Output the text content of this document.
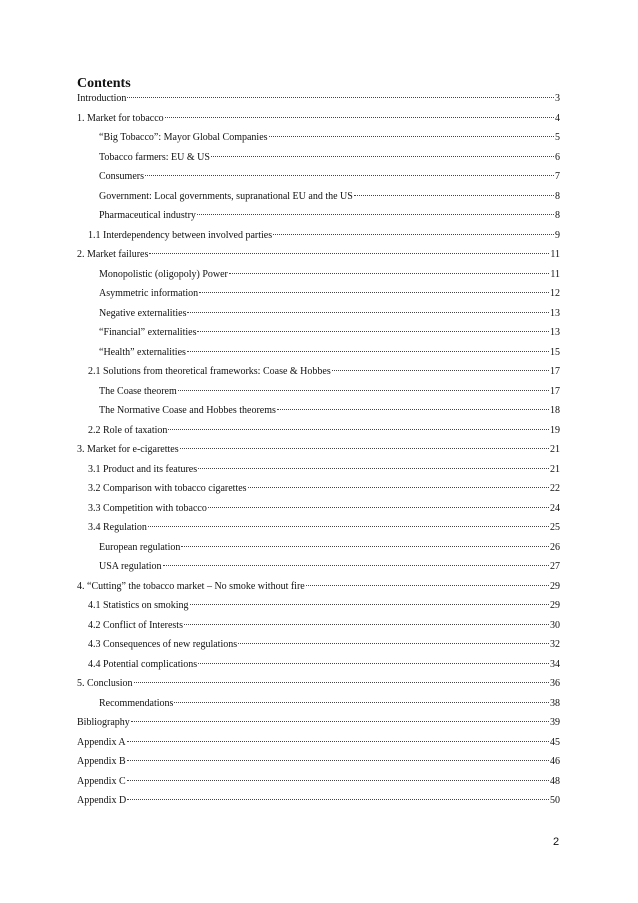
Contents
Introduction	3
1. Market for tobacco	4
“Big Tobacco”: Mayor Global Companies	5
Tobacco farmers: EU & US	6
Consumers	7
Government: Local governments, supranational EU and the US	8
Pharmaceutical industry	8
1.1 Interdependency between involved parties	9
2. Market failures	11
Monopolistic (oligopoly) Power	11
Asymmetric information	12
Negative externalities	13
“Financial” externalities	13
“Health” externalities	15
2.1 Solutions from theoretical frameworks: Coase & Hobbes	17
The Coase theorem	17
The Normative Coase and Hobbes theorems	18
2.2 Role of taxation	19
3. Market for e-cigarettes	21
3.1 Product and its features	21
3.2 Comparison with tobacco cigarettes	22
3.3 Competition with tobacco	24
3.4 Regulation	25
European regulation	26
USA regulation	27
4. “Cutting” the tobacco market – No smoke without fire	29
4.1 Statistics on smoking	29
4.2 Conflict of Interests	30
4.3 Consequences of new regulations	32
4.4 Potential complications	34
5. Conclusion	36
Recommendations	38
Bibliography	39
Appendix A	45
Appendix B	46
Appendix C	48
Appendix D	50
2
